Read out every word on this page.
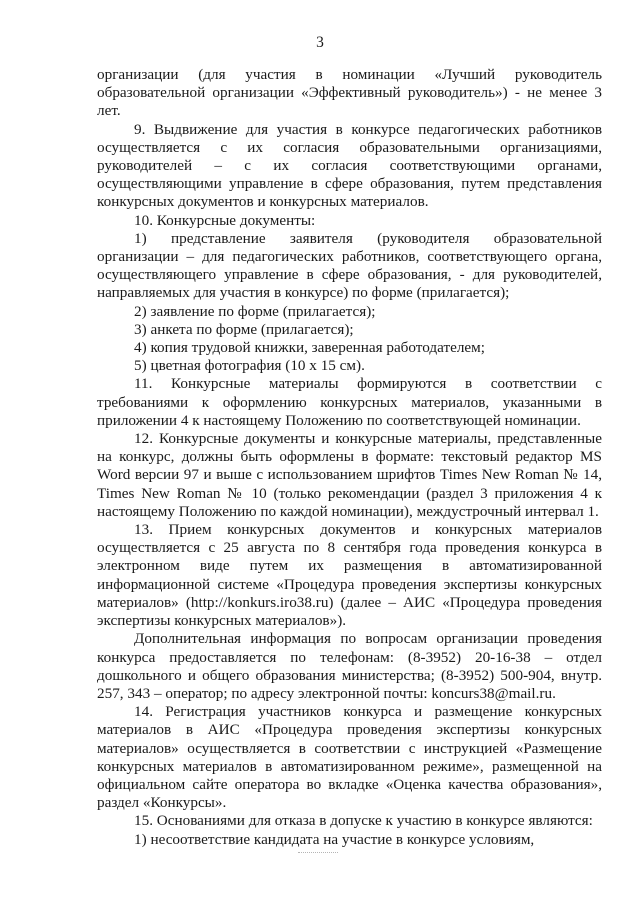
3

организации (для участия в номинации «Лучший руководитель образовательной организации «Эффективный руководитель») - не менее 3 лет.

9. Выдвижение для участия в конкурсе педагогических работников осуществляется с их согласия образовательными организациями, руководителей – с их согласия соответствующими органами, осуществляющими управление в сфере образования, путем представления конкурсных документов и конкурсных материалов.

10. Конкурсные документы:

1) представление заявителя (руководителя образовательной организации – для педагогических работников, соответствующего органа, осуществляющего управление в сфере образования, - для руководителей, направляемых для участия в конкурсе) по форме (прилагается);

2) заявление по форме (прилагается);

3) анкета по форме (прилагается);

4) копия трудовой книжки, заверенная работодателем;

5) цветная фотография (10 х 15 см).

11. Конкурсные материалы формируются в соответствии с требованиями к оформлению конкурсных материалов, указанными в приложении 4 к настоящему Положению по соответствующей номинации.

12. Конкурсные документы и конкурсные материалы, представленные на конкурс, должны быть оформлены в формате: текстовый редактор MS Word версии 97 и выше с использованием шрифтов Times New Roman № 14, Times New Roman № 10 (только рекомендации (раздел 3 приложения 4 к настоящему Положению по каждой номинации), междустрочный интервал 1.

13. Прием конкурсных документов и конкурсных материалов осуществляется с 25 августа по 8 сентября года проведения конкурса в электронном виде путем их размещения в автоматизированной информационной системе «Процедура проведения экспертизы конкурсных материалов» (http://konkurs.iro38.ru) (далее – АИС «Процедура проведения экспертизы конкурсных материалов»).

Дополнительная информация по вопросам организации проведения конкурса предоставляется по телефонам: (8-3952) 20-16-38 – отдел дошкольного и общего образования министерства; (8-3952) 500-904, внутр. 257, 343 – оператор; по адресу электронной почты: koncurs38@mail.ru.

14. Регистрация участников конкурса и размещение конкурсных материалов в АИС «Процедура проведения экспертизы конкурсных материалов» осуществляется в соответствии с инструкцией «Размещение конкурсных материалов в автоматизированном режиме», размещенной на официальном сайте оператора во вкладке «Оценка качества образования», раздел «Конкурсы».

15. Основаниями для отказа в допуске к участию в конкурсе являются:

1) несоответствие кандидата на участие в конкурсе условиям,
